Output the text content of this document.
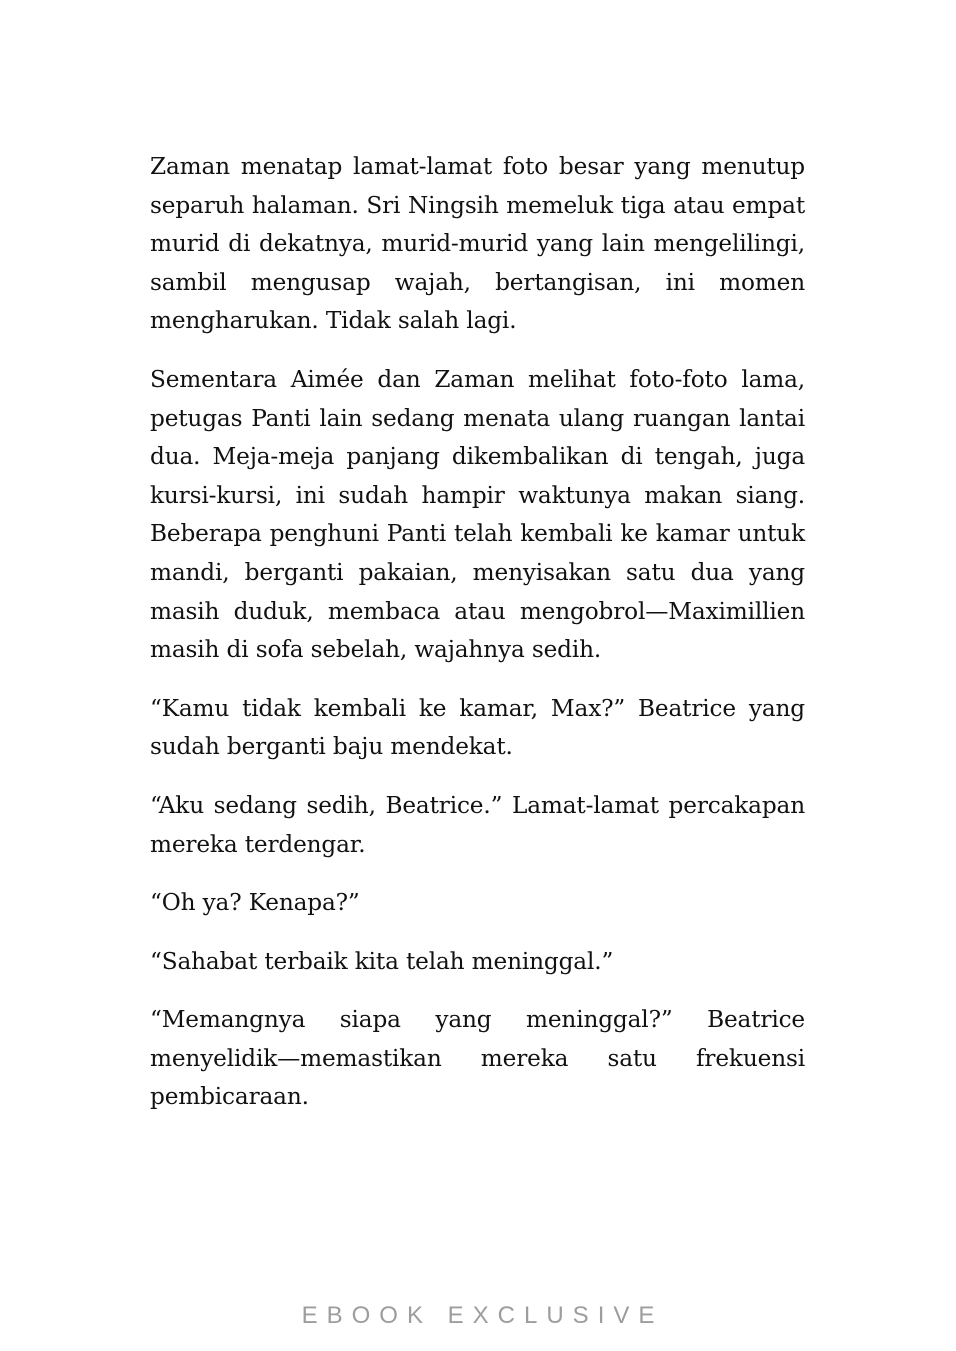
Zaman menatap lamat-lamat foto besar yang menutup separuh halaman. Sri Ningsih memeluk tiga atau empat murid di dekatnya, murid-murid yang lain mengelilingi, sambil mengusap wajah, bertangisan, ini momen mengharukan. Tidak salah lagi.

Sementara Aimée dan Zaman melihat foto-foto lama, petugas Panti lain sedang menata ulang ruangan lantai dua. Meja-meja panjang dikembalikan di tengah, juga kursi-kursi, ini sudah hampir waktunya makan siang. Beberapa penghuni Panti telah kembali ke kamar untuk mandi, berganti pakaian, menyisakan satu dua yang masih duduk, membaca atau mengobrol—Maximillien masih di sofa sebelah, wajahnya sedih.

“Kamu tidak kembali ke kamar, Max?” Beatrice yang sudah berganti baju mendekat.

“Aku sedang sedih, Beatrice.” Lamat-lamat percakapan mereka terdengar.

“Oh ya? Kenapa?”

“Sahabat terbaik kita telah meninggal.”

“Memangnya siapa yang meninggal?” Beatrice menyelidik—memastikan mereka satu frekuensi pembicaraan.

EBOOK EXCLUSIVE
